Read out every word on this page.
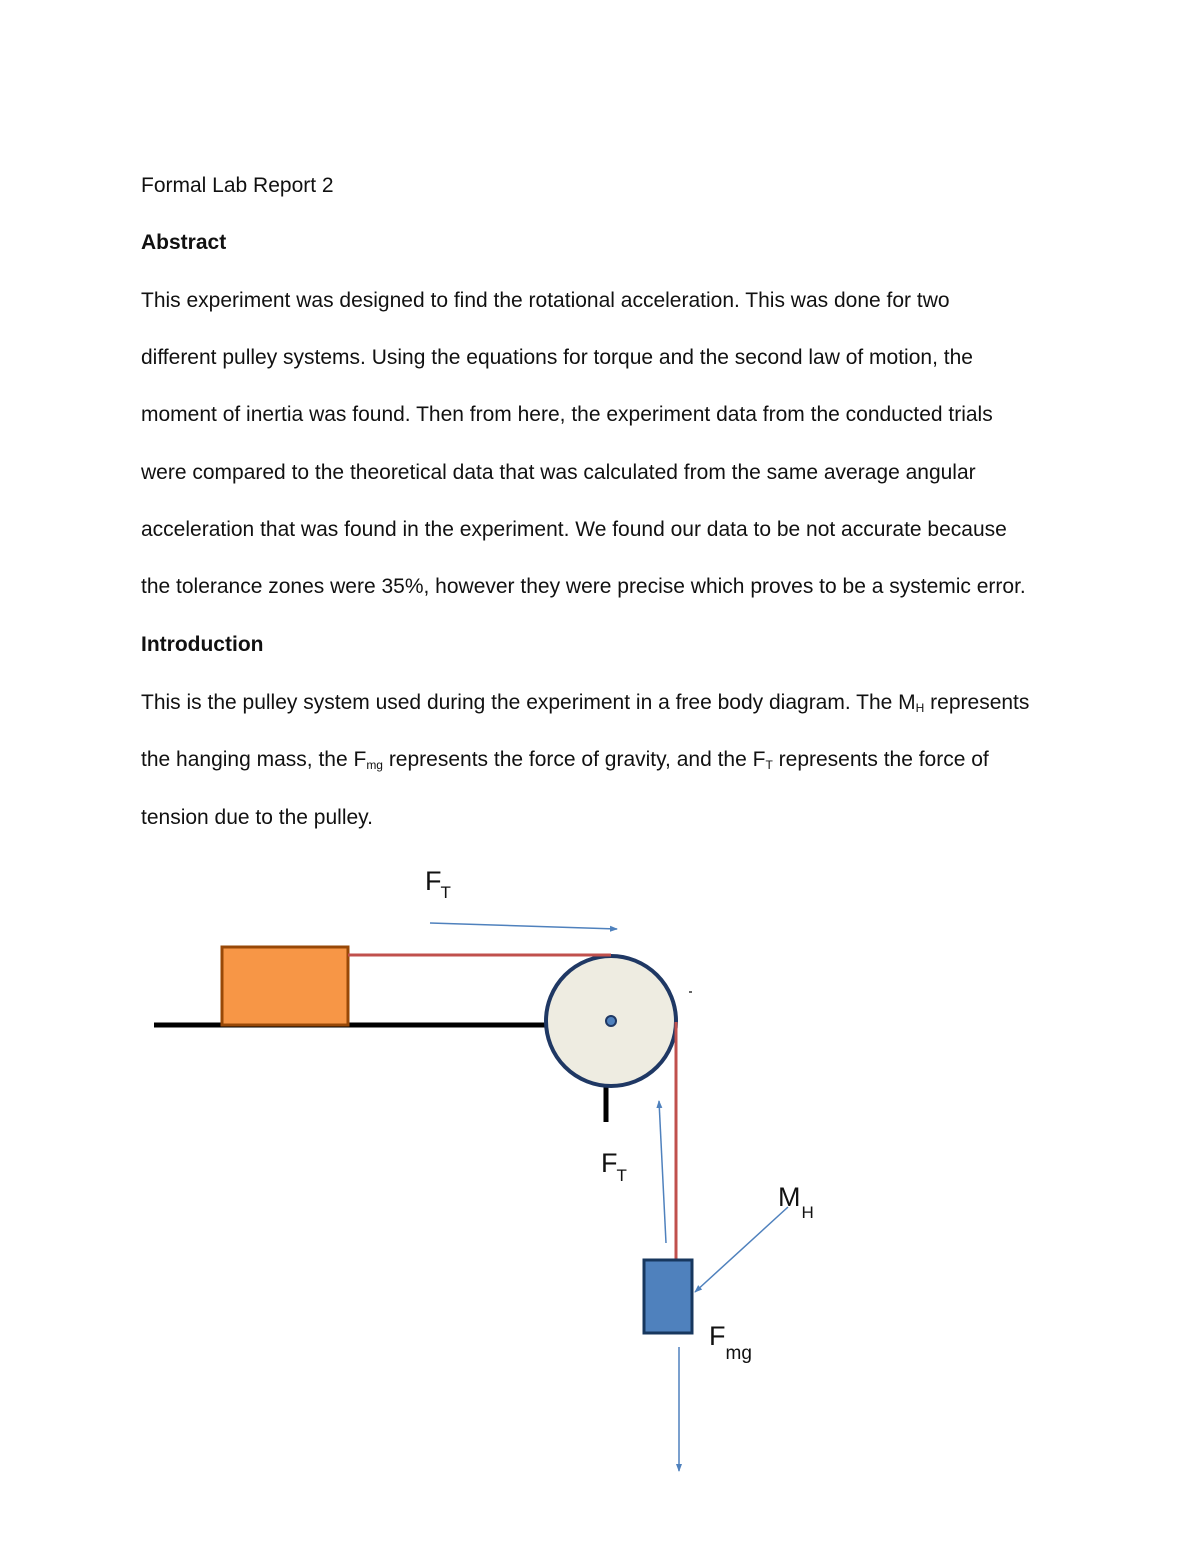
Formal Lab Report 2
Abstract
This experiment was designed to find the rotational acceleration. This was done for two
different pulley systems. Using the equations for torque and the second law of motion, the
moment of inertia was found. Then from here, the experiment data from the conducted trials
were compared to the theoretical data that was calculated from the same average angular
acceleration that was found in the experiment. We found our data to be not accurate because
the tolerance zones were 35%, however they were precise which proves to be a systemic error.
Introduction
This is the pulley system used during the experiment in a free body diagram. The $M_H$ represents
the hanging mass, the $F_{mg}$ represents the force of gravity, and the $F_T$ represents the force of
tension due to the pulley.
FT
FT
$M_H$
$F_{mg}$
